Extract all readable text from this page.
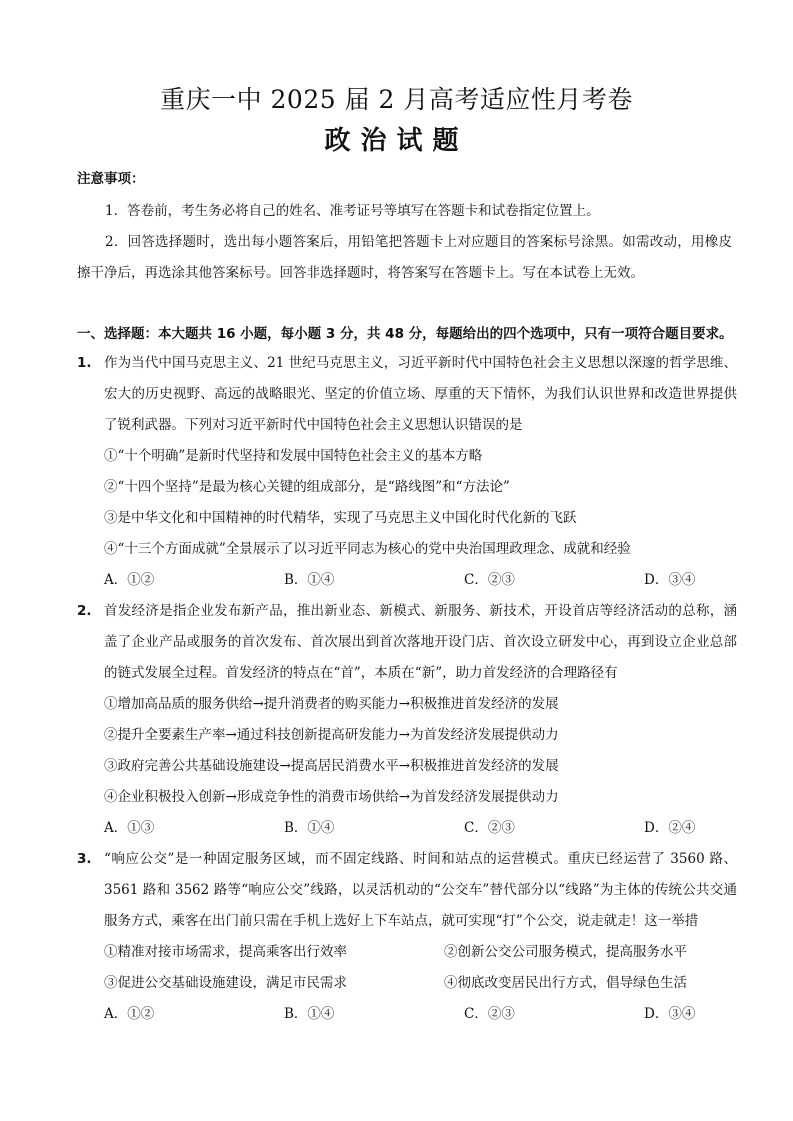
重庆一中 2025 届 2 月高考适应性月考卷
政治试题
注意事项：
1．答卷前，考生务必将自己的姓名、准考证号等填写在答题卡和试卷指定位置上。
2．回答选择题时，选出每小题答案后，用铅笔把答题卡上对应题目的答案标号涂黑。如需改动，用橡皮擦干净后，再选涂其他答案标号。回答非选择题时，将答案写在答题卡上。写在本试卷上无效。
一、选择题：本大题共 16 小题，每小题 3 分，共 48 分，每题给出的四个选项中，只有一项符合题目要求。
1. 作为当代中国马克思主义、21 世纪马克思主义，习近平新时代中国特色社会主义思想以深邃的哲学思维、宏大的历史视野、高远的战略眼光、坚定的价值立场、厚重的天下情怀，为我们认识世界和改造世界提供了锐利武器。下列对习近平新时代中国特色社会主义思想认识错误的是
①“十个明确”是新时代坚持和发展中国特色社会主义的基本方略
②“十四个坚持”是最为核心关键的组成部分，是“路线图”和“方法论”
③是中华文化和中国精神的时代精华，实现了马克思主义中国化时代化新的飞跃
④“十三个方面成就”全景展示了以习近平同志为核心的党中央治国理政理念、成就和经验
A．①②	B．①④	C．②③	D．③④
2. 首发经济是指企业发布新产品，推出新业态、新模式、新服务、新技术，开设首店等经济活动的总称，涵盖了企业产品或服务的首次发布、首次展出到首次落地开设门店、首次设立研发中心，再到设立企业总部的链式发展全过程。首发经济的特点在“首”，本质在“新”，助力首发经济的合理路径有
①增加高品质的服务供给→提升消费者的购买能力→积极推进首发经济的发展
②提升全要素生产率→通过科技创新提高研发能力→为首发经济发展提供动力
③政府完善公共基础设施建设→提高居民消费水平→积极推进首发经济的发展
④企业积极投入创新→形成竞争性的消费市场供给→为首发经济发展提供动力
A．①③	B．①④	C．②③	D．②④
3. “响应公交”是一种固定服务区域，而不固定线路、时间和站点的运营模式。重庆已经运营了 3560 路、3561 路和 3562 路等“响应公交”线路，以灵活机动的“公交车”替代部分以“线路”为主体的传统公共交通服务方式，乘客在出门前只需在手机上选好上下车站点，就可实现“打”个公交，说走就走！这一举措
①精准对接市场需求，提高乘客出行效率	②创新公交公司服务模式，提高服务水平
③促进公交基础设施建设，满足市民需求	④彻底改变居民出行方式，倡导绿色生活
A．①②	B．①④	C．②③	D．③④
